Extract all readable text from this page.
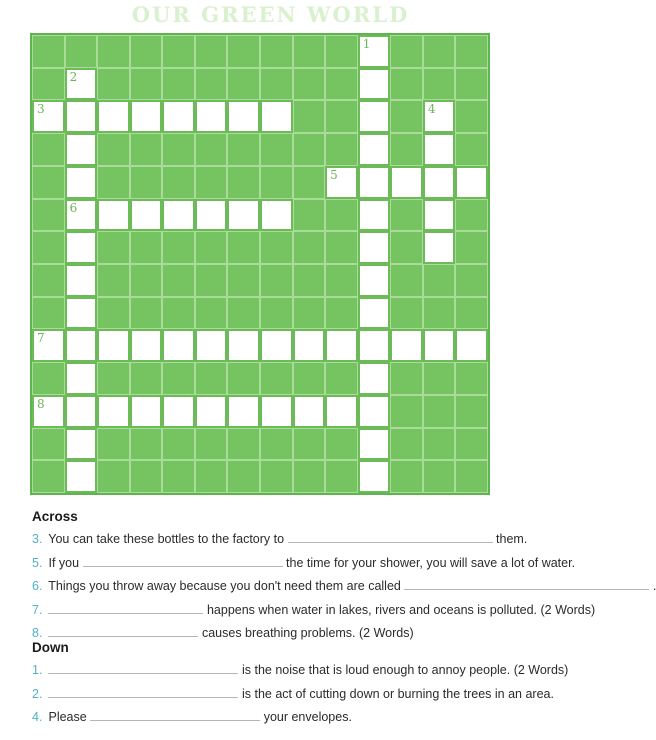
OUR GREEN WORLD
1
2
3	4
5
6
7
8
Across
3. You can take these bottles to the factory to	them.
5. If you	the time for your shower, you will save a lot of water.
6. Things you throw away because you don't need them are called	.
7.	happens when water in lakes, rivers and oceans is polluted. (2 Words)
8.	causes breathing problems. (2 Words)
Down
1.	is the noise that is loud enough to annoy people. (2 Words)
2.	is the act of cutting down or burning the trees in an area.
4. Please	your envelopes.
